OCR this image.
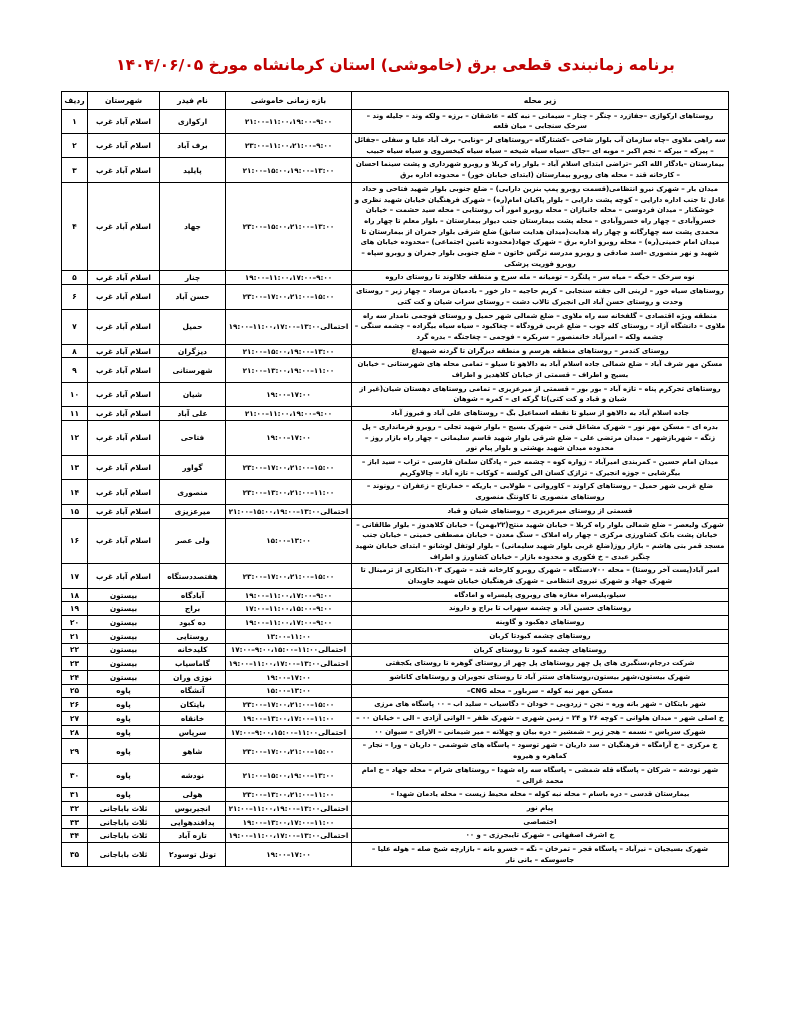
برنامه زمانبندی قطعی برق (خاموشی) استان کرمانشاه مورخ ۱۴۰۴/۰۶/۰۵
زیر محله	بازه زمانی خاموشی	نام فیدر	شهرستان	ردیف
روستاهای ارکوازی –جفازرد – چنگر – چنار – سیمانی – نبه کله – عاشقان – برزه – ولکه وند – جلیله وند – سرخک سنجابی – میان قلعه	۹:۰۰–۱۱:۰۰،۱۹:۰۰–۲۱:۰۰	ارکوازی	اسلام آباد غرب	۱
سه راهی ملاوی –چاه سازمان آب بلوار شاخی –کشتارگاه –روستاهای لر –ونایی- برف آباد علیا و سفلی –جفائل – پیرکه – بیرکه – نجم اکبر – موبه ای –جاک –سیاه سیاه شیخه – سیاه سیاه کیخسروی و سیاه سیاه حبیب	۹:۰۰–۱۱:۰۰،۲۱:۰۰–۲۳:۰۰	برف آباد	اسلام آباد غرب	۲
بیمارستان –یادگار الله اکبر –تراضی ابتدای اسلام آباد – بلوار راه کربلا و روبرو شهرداری و پشت سینما احسان – کارخانه قند – محله های روبرو بیمارستان (ابتدای خیابان خور) – محدوده اداره برق	۱۳:۰۰–۱۵:۰۰،۱۹:۰۰–۲۱:۰۰	پایلید	اسلام آباد غرب	۳
میدان بار – شهرک نیرو انتظامی(قسمت روبرو پمپ بنزین دارایی) – ضلع جنوبی بلوار شهید فتاحی و حداد عادل تا جنب اداره دارایی – کوچه پشت دارایی – بلوار پاکبان امام(ره) – شهرک فرهنگیان خیابان شهید نظری و خوشکنار – میدان فردوسی – محله جانبازان – محله روبرو امور آب روستایی – محله سید حشمت – خیابان خسروآبادی – چهار راه خسروآبادی – محله پشت بیمارستان جنب دیوار بیمارستان – بلوار معلم تا چهار راه محمدی پشت سه چهارگانه و چهار راه هدایت(میدان هدایت سابق) ضلع شرقی بلوار جمران از بیمارستان تا میدان امام خمینی(ره) – محله روبرو اداره برق – شهرک جهاد(محدوده تامین اجتماعی) –محدوده خیابان های شهید و نهر منصوری –اسد صادقی و روبرو مدرسه نرگس خاتون – ضلع جنوبی بلوار جمران و روبرو سپاه –روبرو فوریت پزشکی	۱۳:۰۰–۱۵:۰۰،۲۱:۰۰–۲۳:۰۰	جهاد	اسلام آباد غرب	۴
نوه سرخک – خیگه – میاه سر – پلنگرد – تومیانه – مله سرخ و منطقه جلالوند تا روستای داروه	۹:۰۰–۱۱:۰۰،۱۷:۰۰–۱۹:۰۰	چنار	اسلام آباد غرب	۵
روستاهای سیاه خور – لرینی الی جفته سنجابی – کریم حاجیه – دار خور – بادمیان مرساد – چهار زبر – روستای وحدت و روستای حسن آباد الی انجیرک تالاب دشت – روستای سراب شیان و کت کتی	۱۵:۰۰–۱۷:۰۰،۲۱:۰۰–۲۳:۰۰	حسن آباد	اسلام آباد غرب	۶
منطقه ویژه اقتصادی – گلفخانه سه راه ملاوی – ضلع شمالی شهر حمیل و روستای فوجمی نامدار سه راه ملاوی – دانشگاه آزاد – روستای کله جوب – ضلع غربی فرودگاه – چغاکبود – سیاه سیاه بیگزاده – چشمه سنگی – چشمه ولکه – امیرآباد خانمنصور – سربکره – فوجمی – چغاجنگه – بدره گرد	احتمالی۱۳:۰۰–۱۱:۰۰،۱۷:۰۰–۱۹:۰۰	حمیل	اسلام آباد غرب	۷
روستای کندمر – روستاهای منطقه هرسم و منطقه دیزگران تا گردنه شیهداغ	۱۳:۰۰–۱۵:۰۰،۱۹:۰۰–۲۱:۰۰	دیزگران	اسلام آباد غرب	۸
مسکن مهر شرف آباد – ضلع شمالی جاده اسلام آباد به دالاهو تا سیلو – تمامی محله های شهرستانی – خیابان بسیج و اطراف – قسمتی از خیابان کلاهدیز و اطراف	۱۱:۰۰–۱۳:۰۰،۱۹:۰۰–۲۱:۰۰	شهرستانی	اسلام آباد غرب	۹
روستاهای تجرکرم پناه – تازه آباد – بور بور – قسمتی از میرعزیزی – تمامی روستاهای دهستان شیان(غیر از شیان و قباد و کت کتی)تا گرکه ای – کمره – شوهان	۱۷:۰۰–۱۹:۰۰	شیان	اسلام آباد غرب	۱۰
جاده اسلام آباد به دالاهو از سیلو تا نقطه اسماعیل بگ – روستاهای علی آباد و فیروز آباد	۹:۰۰–۱۱:۰۰،۱۹:۰۰–۲۱:۰۰	علی آباد	اسلام آباد غرب	۱۱
بدره ای – مسکن مهر نور – شهرک مشاغل فنی – شهرک بسیج – بلوار شهید تجلی – روبرو فرمانداری – پل زنگه – شهربازشهر – میدان مرتضی علی – ضلع شرقی بلوار شهید قاسم سلیمانی – چهار راه بازار روز – محدوده میدان شهید بهشتی و بلوار پیام نور	۱۷:۰۰–۱۹:۰۰	فتاحی	اسلام آباد غرب	۱۲
میدان امام حسین – کمربندی امیرآباد – زواره کوه – چشمه خیر – پادگان سلمان فارسی – تراب – سید اباز – بیگرشایی – جوزه انجیرک – ترازک کسان الی کولسه – کوکاب – تازه آباد – چالاوکریم	۱۵:۰۰–۱۷:۰۰،۲۱:۰۰–۲۳:۰۰	گواور	اسلام آباد غرب	۱۳
ضلع غربی شهر حمیل – روستاهای کراوند – کاوروانی – طولابی – باریکه – خمارناج – زعفران – رونوند – روستاهای منصوری تا کاونتگ منصوری	۱۱:۰۰–۱۳:۰۰،۲۱:۰۰–۲۳:۰۰	منصوری	اسلام آباد غرب	۱۴
قسمتی از روستای میرعزیزی – روستاهای شیان و قباد	احتمالی۱۳:۰۰–۱۵:۰۰،۱۹:۰۰–۲۱:۰۰	میرعزیزی	اسلام آباد غرب	۱۵
شهرک ولیعصر – ضلع شمالی بلوار راه کربلا – خیابان شهید منتج(۲۲بهمن) – خیابان کلاهدوز – بلوار طالقانی – خیابان پشت بانک کشاورزی مرکزی – چهار راه املاک – سنگ معدن – خیابان مصطفی خمینی – خیابان جنب مسجد قمر بنی هاشم – بازار روز(ضلع غربی بلوار شهید سلیمانی) – بلوار لوتفل لوشانو – ابتدای خیابان شهید چنگیز عبدی – خ فکوری و محدوده بازار – خیابان کشاورز و اطراف	۱۳:۰۰–۱۵:۰۰	ولی عصر	اسلام آباد غرب	۱۶
امیر آباد(پست آخر روستا) – محله ۷۰۰دستگاه – شهرک روبرو کارخانه قند – شهرک ۱۰۳ابتکاری از ترمینال تا شهرک جهاد و شهرک نیروی انتظامی – شهرک فرهنگیان خیابان شهید جاویدان	۱۵:۰۰–۱۷:۰۰،۲۱:۰۰–۲۳:۰۰	هفتصددستگاه	اسلام آباد غرب	۱۷
سیلو،پلیسراه مغازه های روبروی پلیسراه و امادگاه	۹:۰۰–۱۱:۰۰،۱۷:۰۰–۱۹:۰۰	آبادگاه	بیستون	۱۸
روستاهای حسین آباد و چشمه سهراب تا براج و داروند	۹:۰۰–۱۱:۰۰،۱۵:۰۰–۱۷:۰۰	براج	بیستون	۱۹
روستاهای دهکبود و گاوبنه	۹:۰۰–۱۱:۰۰،۱۷:۰۰–۱۹:۰۰	ده کبود	بیستون	۲۰
روستاهای چشمه کبودتا کربان	۱۱:۰۰–۱۳:۰۰	روستایی	بیستون	۲۱
روستاهای چشمه کبود تا روستای کربان	احتمالی۱۱:۰۰–۹:۰۰،۱۵:۰۰–۱۷:۰۰	کلیدخانه	بیستون	۲۲
شرکت درجام،سنگبری های پل چهر روستاهای پل چهر از روستای گوهره تا روستای یکجفتی	احتمالی۱۳:۰۰–۱۱:۰۰،۱۷:۰۰–۱۹:۰۰	گاماسیاب	بیستون	۲۳
شهرک بیستون،شهر بیستون،روستاهای ستتر آباد تا روستای نجویران و روستاهای کاناشو	۱۷:۰۰–۱۹:۰۰	نوژی وران	بیستون	۲۴
مسکن مهر نبه کوله – سرباور – محله CNG–	۱۳:۰۰–۱۵:۰۰	آتشگاه	پاوه	۲۵
شهر بایتکان – شهر بانه وره – نجن – زردویی – خودان – دگاسیاب – سلید اب – ۰۰ پاسگاه های مرزی	۱۵:۰۰–۱۷:۰۰،۲۱:۰۰–۲۳:۰۰	بایتکان	پاوه	۲۶
خ اصلی شهر – میدان هلوانی – کوچه ۲۶ و ۲۴ – زمین شهری – شهرک ظفر – الوانی آزادی – الی – خیابان ۰۰ –	۱۱:۰۰–۱۳:۰۰،۱۷:۰۰–۱۹:۰۰	خانقاه	پاوه	۲۷
شهرک سرپاس – نسمه – هجر زبر – شمشیر – دره بیان و چهلانه – میر شیمانی – الارای – سیوان ۰۰	احتمالی۱۱:۰۰–۹:۰۰،۱۵:۰۰–۱۷:۰۰	سرپاس	پاوه	۲۸
خ مرکزی – خ آرامگاه – فرهنگیان – سد داریان – شهر توسود – پاسگاه های شوشمی – داریان – ورا – نجار – کماهره و هیروه	۱۵:۰۰–۱۷:۰۰،۲۱:۰۰–۲۳:۰۰	شاهو	پاوه	۲۹
شهر نودشه – شرکان – پاسگاه قله شمشی – پاسگاه سه راه شهدا – روستاهای شرام – محله جهاد – خ امام محمد غزالی –	۱۳:۰۰–۱۵:۰۰،۱۹:۰۰–۲۱:۰۰	نودشه	پاوه	۳۰
بیمارستان قدسی – دره باسام – محله نبه کوله – محله محیط زیست – محله یادمان شهدا –	۱۱:۰۰–۱۳:۰۰،۲۱:۰۰–۲۳:۰۰	هولی	پاوه	۳۱
پیام نور	احتمالی۱۳:۰۰–۱۱:۰۰،۱۹:۰۰–۲۱:۰۰	انجیربوس	ثلاث باباجانی	۳۲
اختصاصی	۱۱:۰۰–۱۳:۰۰،۱۷:۰۰–۱۹:۰۰	پدافندهوایی	ثلاث باباجانی	۳۳
خ اشرف اصفهانی – شهرک تایبجرزی – و ۰۰	احتمالی۱۳:۰۰–۱۱:۰۰،۱۷:۰۰–۱۹:۰۰	تازه آباد	ثلاث باباجانی	۳۴
شهرک بسیجیان – نیرآباد – پاسگاه قجر – تمرخان – نگه – خسرو بانه – بازارچه شیخ صله – هوله علیا – جاسوسکه – بانی نار	۱۷:۰۰–۱۹:۰۰	توتل توسود۲	ثلاث باباجانی	۳۵
